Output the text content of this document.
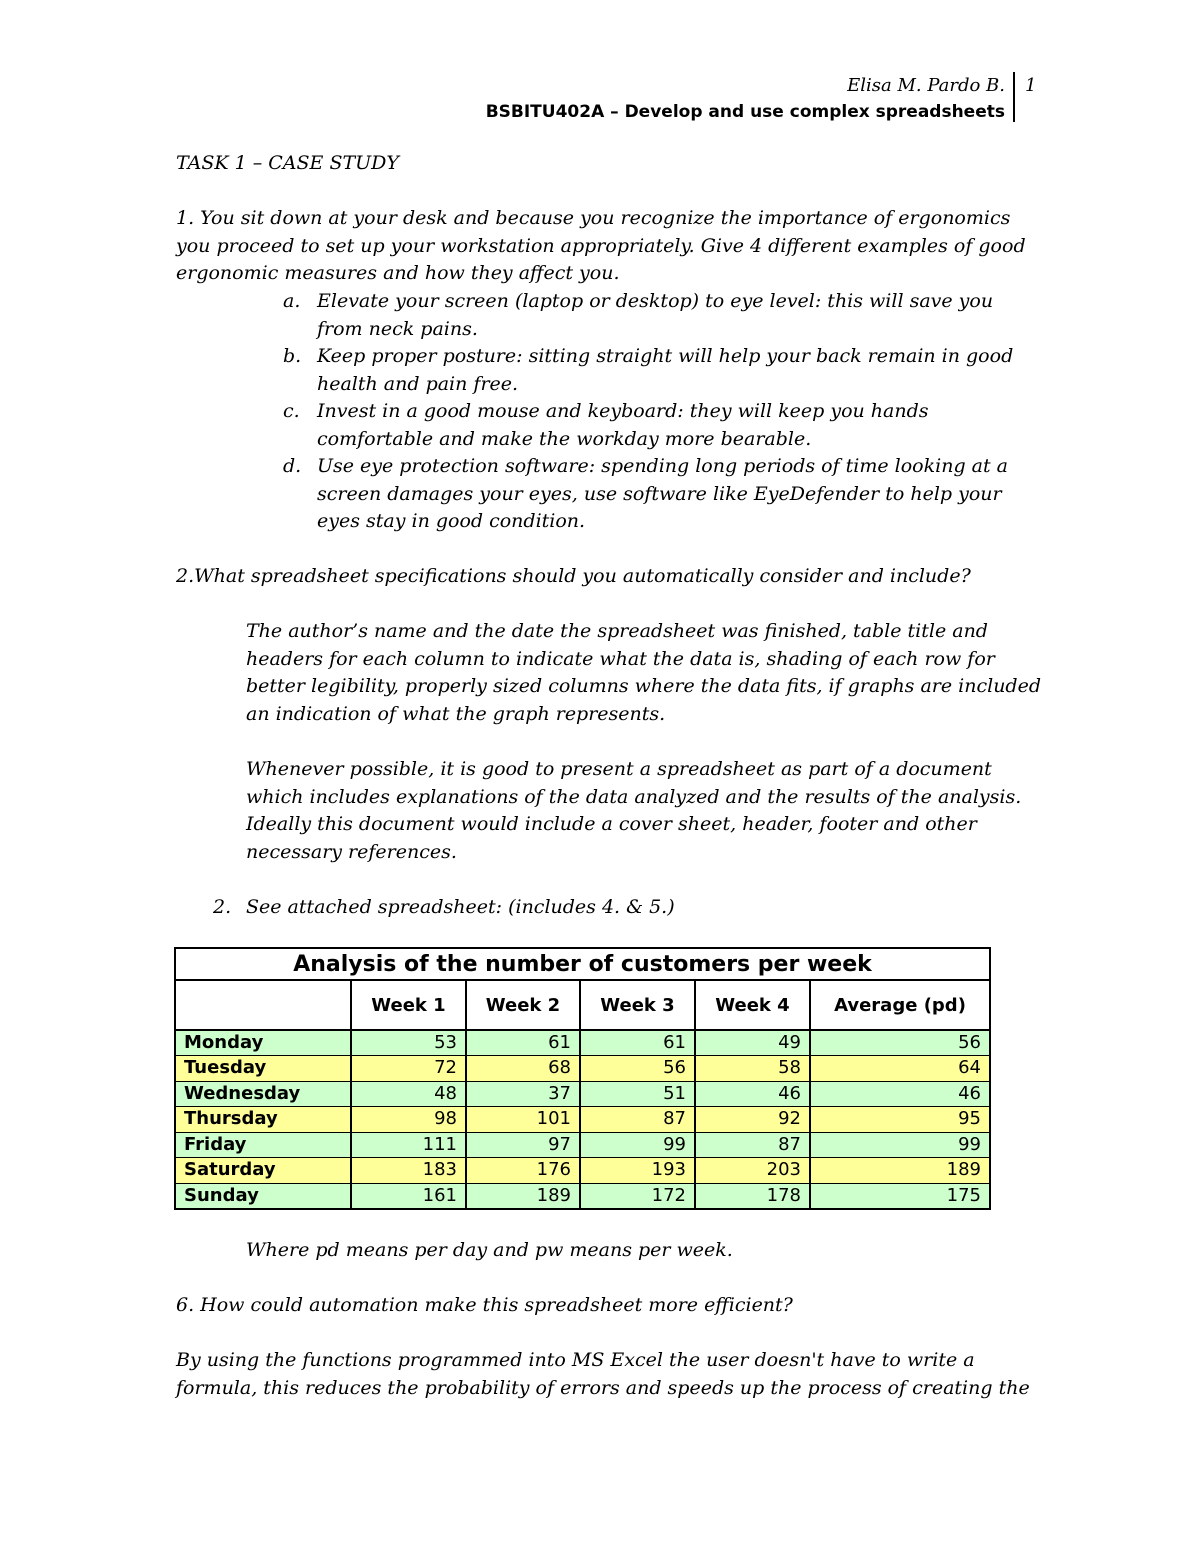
Elisa M. Pardo B.
BSBITU402A – Develop and use complex spreadsheets
1

TASK 1 – CASE STUDY

1. You sit down at your desk and because you recognize the importance of ergonomics you proceed to set up your workstation appropriately. Give 4 different examples of good ergonomic measures and how they affect you.

a. Elevate your screen (laptop or desktop) to eye level: this will save you from neck pains.
b. Keep proper posture: sitting straight will help your back remain in good health and pain free.
c. Invest in a good mouse and keyboard: they will keep you hands comfortable and make the workday more bearable.
d. Use eye protection software: spending long periods of time looking at a screen damages your eyes, use software like EyeDefender to help your eyes stay in good condition.

2.What spreadsheet specifications should you automatically consider and include?

The author’s name and the date the spreadsheet was finished, table title and headers for each column to indicate what the data is, shading of each row for better legibility, properly sized columns where the data fits, if graphs are included an indication of what the graph represents.

Whenever possible, it is good to present a spreadsheet as part of a document which includes explanations of the data analyzed and the results of the analysis. Ideally this document would include a cover sheet, header, footer and other necessary references.

2. See attached spreadsheet: (includes 4. & 5.)
Analysis of the number of customers per week					
	Week 1	Week 2	Week 3	Week 4	Average (pd)
Monday	53	61	61	49	56
Tuesday	72	68	56	58	64
Wednesday	48	37	51	46	46
Thursday	98	101	87	92	95
Friday	111	97	99	87	99
Saturday	183	176	193	203	189
Sunday	161	189	172	178	175

Where pd means per day and pw means per week.

6. How could automation make this spreadsheet more efficient?

By using the functions programmed into MS Excel the user doesn't have to write a formula, this reduces the probability of errors and speeds up the process of creating the
